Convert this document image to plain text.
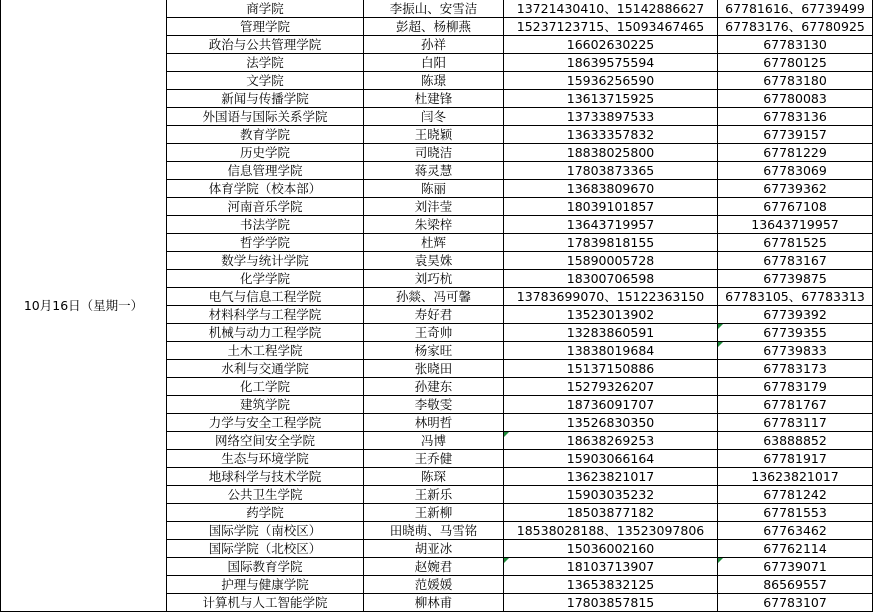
10月16日（星期一）	商学院	李振山、安雪洁	13721430410、15142886627	67781616、67739499
	管理学院	彭超、杨柳燕	15237123715、15093467465	67783176、67780925
	政治与公共管理学院	孙祥	16602630225	67783130
	法学院	白阳	18639575594	67780125
	文学院	陈璟	15936256590	67783180
	新闻与传播学院	杜建锋	13613715925	67780083
	外国语与国际关系学院	闫冬	13733897533	67783136
	教育学院	王晓颖	13633357832	67739157
	历史学院	司晓洁	18838025800	67781229
	信息管理学院	蒋灵慧	17803873365	67783069
	体育学院（校本部）	陈丽	13683809670	67739362
	河南音乐学院	刘沣莹	18039101857	67767108
	书法学院	朱梁梓	13643719957	13643719957
	哲学学院	杜辉	17839818155	67781525
	数学与统计学院	袁昊姝	15890005728	67783167
	化学学院	刘巧杭	18300706598	67739875
	电气与信息工程学院	孙燚、冯可馨	13783699070、15122363150	67783105、67783313
	材料科学与工程学院	寿好君	13523013902	67739392
	机械与动力工程学院	王奇帅	13283860591	67739355
	土木工程学院	杨家旺	13838019684	67739833
	水利与交通学院	张晓田	15137150886	67783173
	化工学院	孙建东	15279326207	67783179
	建筑学院	李敬雯	18736091707	67781767
	力学与安全工程学院	林明哲	13526830350	67783117
	网络空间安全学院	冯博	18638269253	63888852
	生态与环境学院	王乔健	15903066164	67781917
	地球科学与技术学院	陈琛	13623821017	13623821017
	公共卫生学院	王新乐	15903035232	67781242
	药学院	王新柳	18503877182	67781553
	国际学院（南校区）	田晓萌、马雪铭	18538028188、13523097806	67763462
	国际学院（北校区）	胡亚冰	15036002160	67762114
	国际教育学院	赵婉君	18103713907	67739071
	护理与健康学院	范媛媛	13653832125	86569557
	计算机与人工智能学院	柳林甫	17803857815	67783107
